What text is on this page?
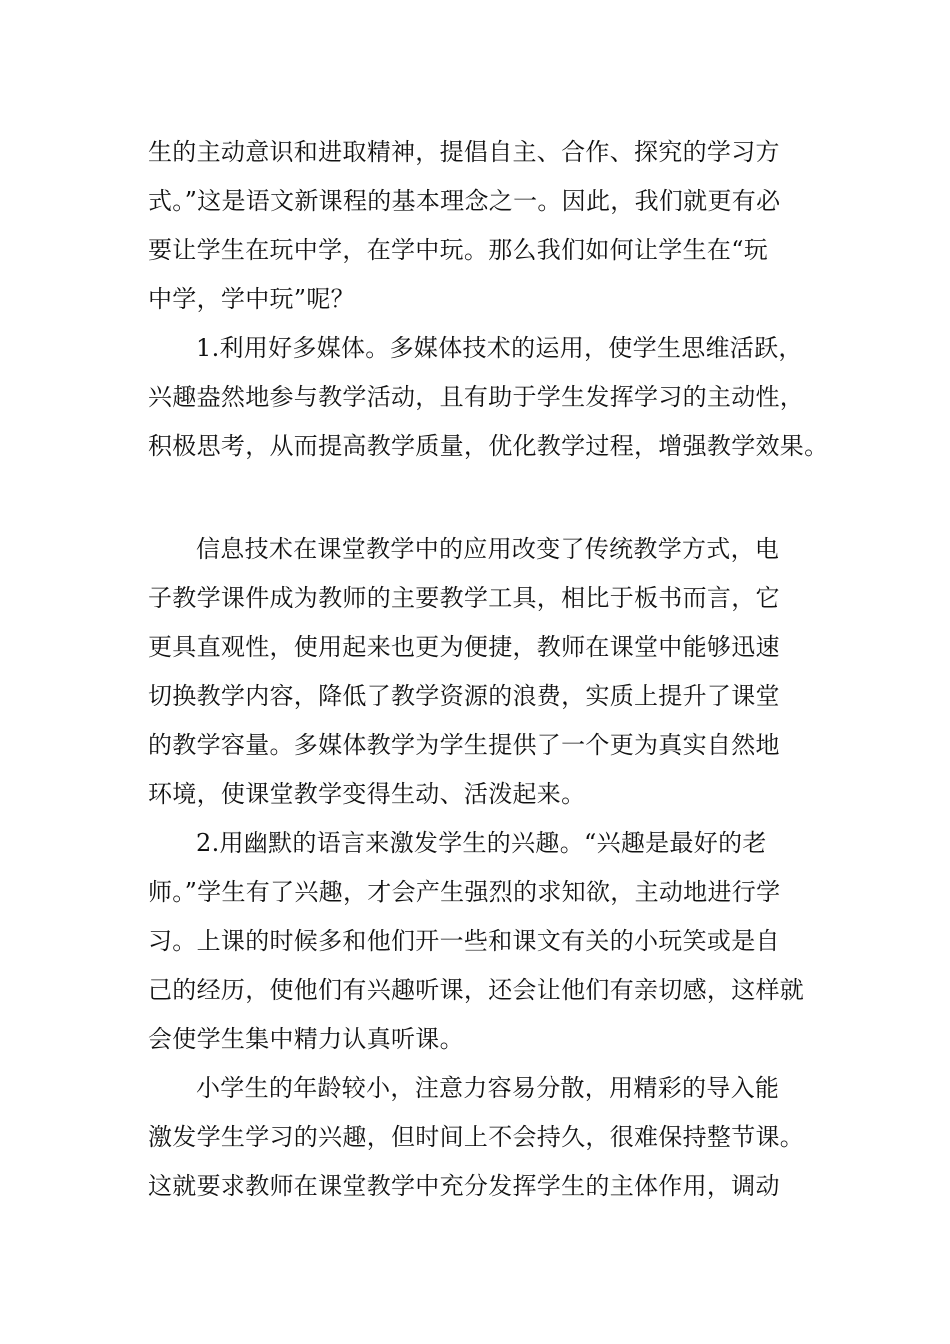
生的主动意识和进取精神，提倡自主、合作、探究的学习方
式。”这是语文新课程的基本理念之一。因此，我们就更有必
要让学生在玩中学，在学中玩。那么我们如何让学生在“玩
中学，学中玩”呢？
1.利用好多媒体。多媒体技术的运用，使学生思维活跃，
兴趣盎然地参与教学活动，且有助于学生发挥学习的主动性，
积极思考，从而提高教学质量，优化教学过程，增强教学效果。
信息技术在课堂教学中的应用改变了传统教学方式，电
子教学课件成为教师的主要教学工具，相比于板书而言，它
更具直观性，使用起来也更为便捷，教师在课堂中能够迅速
切换教学内容，降低了教学资源的浪费，实质上提升了课堂
的教学容量。多媒体教学为学生提供了一个更为真实自然地
环境，使课堂教学变得生动、活泼起来。
2.用幽默的语言来激发学生的兴趣。“兴趣是最好的老
师。”学生有了兴趣，才会产生强烈的求知欲，主动地进行学
习。上课的时候多和他们开一些和课文有关的小玩笑或是自
己的经历，使他们有兴趣听课，还会让他们有亲切感，这样就
会使学生集中精力认真听课。
小学生的年龄较小，注意力容易分散，用精彩的导入能
激发学生学习的兴趣，但时间上不会持久，很难保持整节课。
这就要求教师在课堂教学中充分发挥学生的主体作用，调动
